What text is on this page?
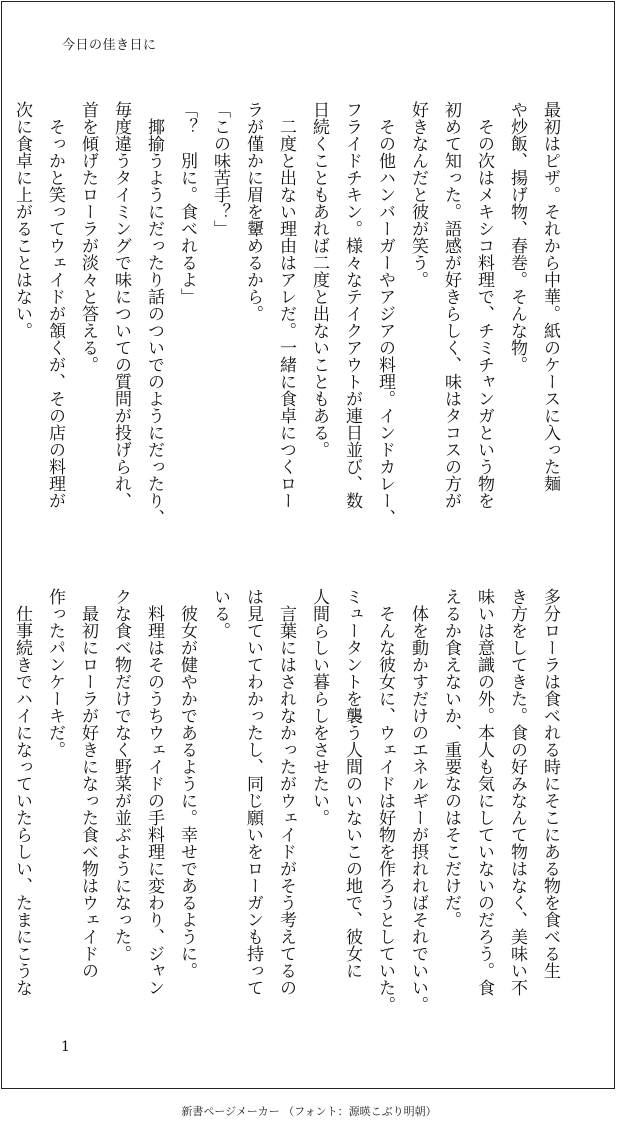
今日の佳き日に
最初はピザ。それから中華。紙のケースに入った麺
や炒飯、揚げ物、春巻。そんな物。
　その次はメキシコ料理で、チミチャンガという物を
初めて知った。語感が好きらしく、味はタコスの方が
好きなんだと彼が笑う。
　その他ハンバーガーやアジアの料理。インドカレー、
フライドチキン。様々なテイクアウトが連日並び、数
日続くこともあれば二度と出ないこともある。
　二度と出ない理由はアレだ。一緒に食卓につくロー
ラが僅かに眉を顰めるから。
「この味苦手？」
「？　別に。食べれるよ」
　揶揄うようにだったり話のついでのようにだったり、
毎度違うタイミングで味についての質問が投げられ、
首を傾げたローラが淡々と答える。
　そっかと笑ってウェイドが頷くが、その店の料理が
次に食卓に上がることはない。
多分ローラは食べれる時にそこにある物を食べる生
き方をしてきた。食の好みなんて物はなく、美味い不
味いは意識の外。本人も気にしていないのだろう。食
えるか食えないか、重要なのはそこだけだ。
　体を動かすだけのエネルギーが摂れればそれでいい。
　そんな彼女に、ウェイドは好物を作ろうとしていた。
ミュータントを襲う人間のいないこの地で、彼女に
人間らしい暮らしをさせたい。
　言葉にはされなかったがウェイドがそう考えてるの
は見ていてわかったし、同じ願いをローガンも持って
いる。
　彼女が健やかであるように。幸せであるように。
　料理はそのうちウェイドの手料理に変わり、ジャン
クな食べ物だけでなく野菜が並ぶようになった。
　最初にローラが好きになった食べ物はウェイドの
作ったパンケーキだ。
　仕事続きでハイになっていたらしい、たまにこうな
1
新書ページメーカー （フォント：源暎こぶり明朝）
